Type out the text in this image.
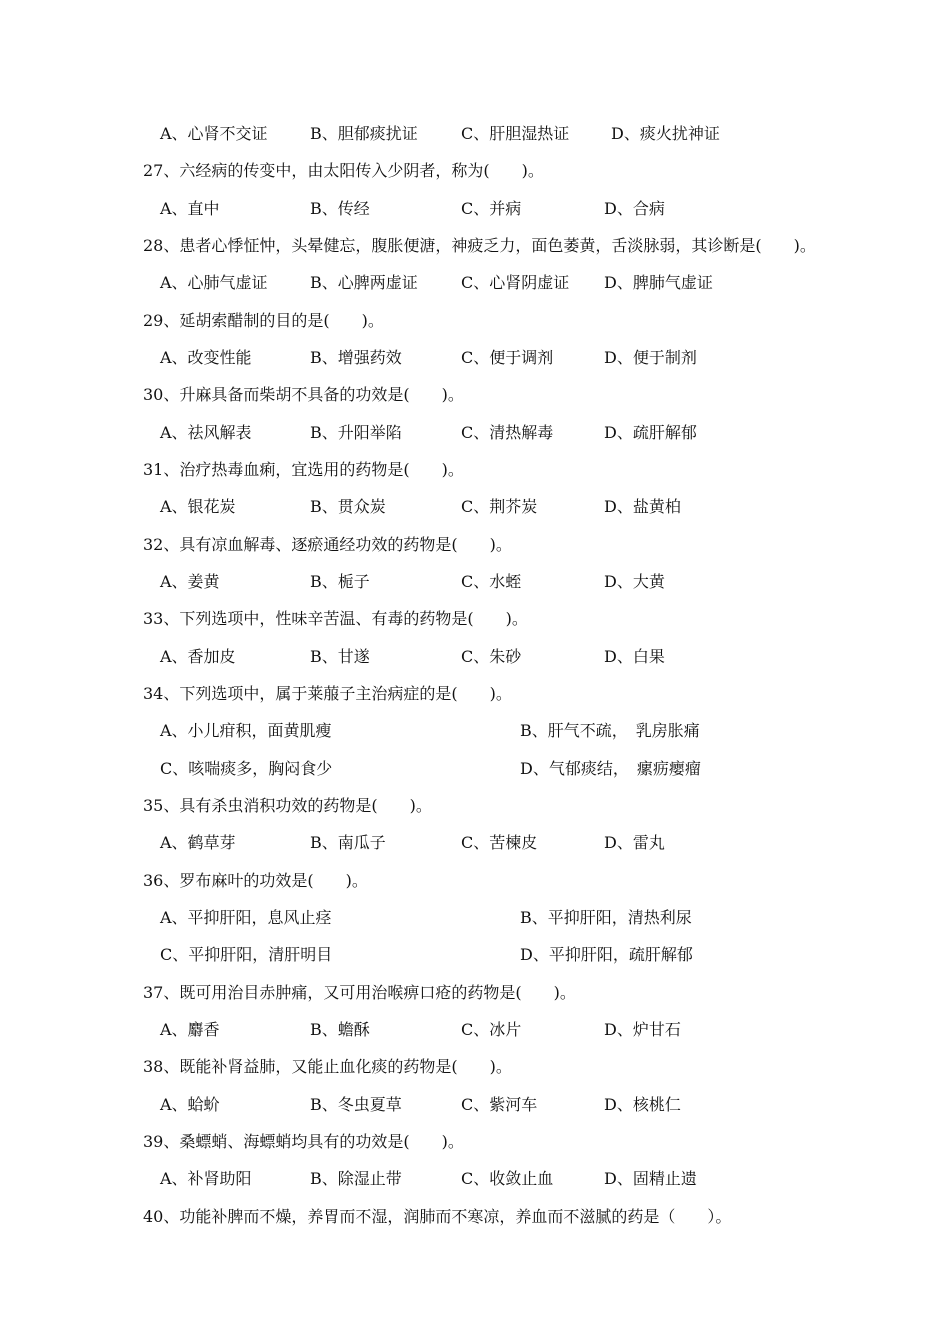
A、心肾不交证	B、胆郁痰扰证	C、肝胆湿热证	D、痰火扰神证
27、六经病的传变中，由太阳传入少阴者，称为(　　)。
A、直中	B、传经	C、并病	D、合病
28、患者心悸怔忡，头晕健忘，腹胀便溏，神疲乏力，面色萎黄，舌淡脉弱，其诊断是(　　)。
A、心肺气虚证	B、心脾两虚证	C、心肾阴虚证 D、脾肺气虚证
29、延胡索醋制的目的是(　　)。
A、改变性能	B、增强药效	C、便于调剂	D、便于制剂
30、升麻具备而柴胡不具备的功效是(　　)。
A、祛风解表	B、升阳举陷	C、清热解毒	D、疏肝解郁
31、治疗热毒血痢，宜选用的药物是(　　)。
A、银花炭	B、贯众炭	C、荆芥炭	D、盐黄柏
32、具有凉血解毒、逐瘀通经功效的药物是(　　)。
A、姜黄	B、栀子	C、水蛭	D、大黄
33、下列选项中，性味辛苦温、有毒的药物是(　　)。
A、香加皮	B、甘遂	C、朱砂	D、白果
34、下列选项中，属于莱菔子主治病症的是(　　)。
A、小儿疳积，面黄肌瘦	B、肝气不疏，　乳房胀痛
C、咳喘痰多，胸闷食少	D、气郁痰结，　瘰疬瘿瘤
35、具有杀虫消积功效的药物是(　　)。
A、鹤草芽	B、南瓜子	C、苦楝皮	D、雷丸
36、罗布麻叶的功效是(　　)。
A、平抑肝阳，息风止痉	B、平抑肝阳，清热利尿
C、平抑肝阳，清肝明目	D、平抑肝阳，疏肝解郁
37、既可用治目赤肿痛，又可用治喉痹口疮的药物是(　　)。
A、麝香	B、蟾酥	C、冰片	D、炉甘石
38、既能补肾益肺，又能止血化痰的药物是(　　)。
A、蛤蚧	B、冬虫夏草	C、紫河车	D、核桃仁
39、桑螵蛸、海螵蛸均具有的功效是(　　)。
A、补肾助阳	B、除湿止带	C、收敛止血	D、固精止遗
40、功能补脾而不燥，养胃而不湿，润肺而不寒凉，养血而不滋腻的药是（　　）。
